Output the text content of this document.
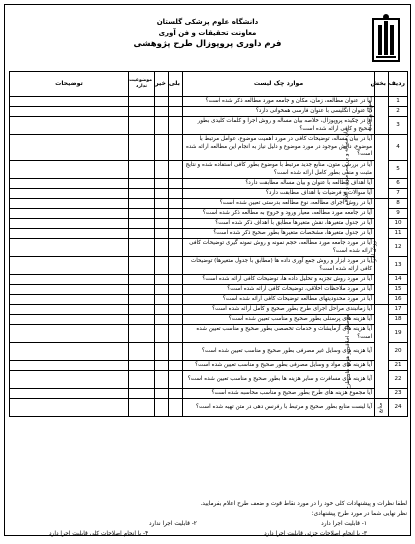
دانشگاه علوم پزشکی گلستان
معاونت تحقیقات و فن آوری
فرم داوری پروپوزال طرح پژوهشی
ردیف	بخش	موارد چک لیست	بلی	خیر	موضوعیت ندارد	توضیحات
1	عنوان و چکیده	آیا در عنوان مطالعه، زمان، مکان و جامعه مورد مطالعه ذکر شده است؟				
2		آیا عنوان انگلیسی با عنوان فارسی همخوانی دارد؟				
3		آیا در چکیده پروپوزال، خلاصه بیان مساله و روش اجرا و کلمات کلیدی بطور صحیح و کافی ارائه شده است؟				
4	بیان مساله و بررسی متون و اهداف	آیا در بیان مساله، توضیحات کافی در مورد اهمیت موضوع، عوامل مرتبط با موضوع، دانش موجود در مورد موضوع و دلیل نیاز به انجام این مطالعه ارائه شده است؟				
5		آیا در بررسی متون، منابع جدید مرتبط با موضوع بطور کافی استفاده شده و نتایج مثبت و منفی بطور کامل ارائه شده است؟				
6		آیا اهداف مطالعه با عنوان و بیان مساله مطابقت دارد؟				
7		آیا سوالات و فرضیات با اهداف مطابقت دارد؟				
8	روش اجرا	آیا در روش اجرای مطالعه، نوع مطالعه بدرستی تعیین شده است؟				
9		آیا در جامعه مورد مطالعه، معیار ورود و خروج به مطالعه ذکر شده است؟				
10		آیا در جدول متغیرها، نقش متغیرها مطابق با اهداف ذکر شده است؟				
11		آیا در جدول متغیرها، مشخصات متغیرها بطور صحیح ذکر شده است؟				
12		آیا در مورد جامعه مورد مطالعه، حجم نمونه و روش نمونه گیری توضیحات کافی ارائه شده است؟				
13		آیا در مورد ابزار و روش جمع آوری داده ها (مطابق با جدول متغیرها) توضیحات کافی ارائه شده است؟				
14		آیا در مورد روش تجزیه و تحلیل داده ها، توضیحات کافی ارائه شده است؟				
15		آیا در مورد ملاحظات اخلاقی، توضیحات کافی ارائه شده است؟				
16		آیا در مورد محدودیتهای مطالعه توضیحات کافی ارائه شده است؟				
17	ملاحظات اخلاقی و هزینه های طرح	آیا زمانبندی مراحل اجرای طرح بطور صحیح و کامل ارائه شده است؟				
18		آیا هزینه های پرسنلی بطور صحیح و مناسب تعیین شده است؟				
19		آیا هزینه های آزمایشات و خدمات تخصصی بطور صحیح و مناسب تعیین شده است؟				
20		آیا هزینه های وسایل غیر مصرفی بطور صحیح و مناسب تعیین شده است؟				
21		آیا هزینه های مواد و وسایل مصرفی بطور صحیح و مناسب تعیین شده است؟				
22		آیا هزینه های مسافرت و سایر هزینه ها بطور صحیح و مناسب تعیین شده است؟				
23		آیا مجموع هزینه های طرح بطور صحیح و مناسب محاسبه شده است؟				
24	منابع	آیا لیست منابع بطور صحیح و مرتبط با رفرنس دهی در متن تهیه شده است؟				
لطفا نظرات و پیشنهادات کلی خود را در مورد نقاط قوت و ضعف طرح اعلام بفرمایید.
نظر نهایی شما در مورد طرح پیشنهادی:
۱- قابلیت اجرا دارد
۲- قابلیت اجرا ندارد
۳- با انجام اصلاحات جزئی قابلیت اجرا دارد
۴- با انجام اصلاحات کلی قابلیت اجرا دارد
